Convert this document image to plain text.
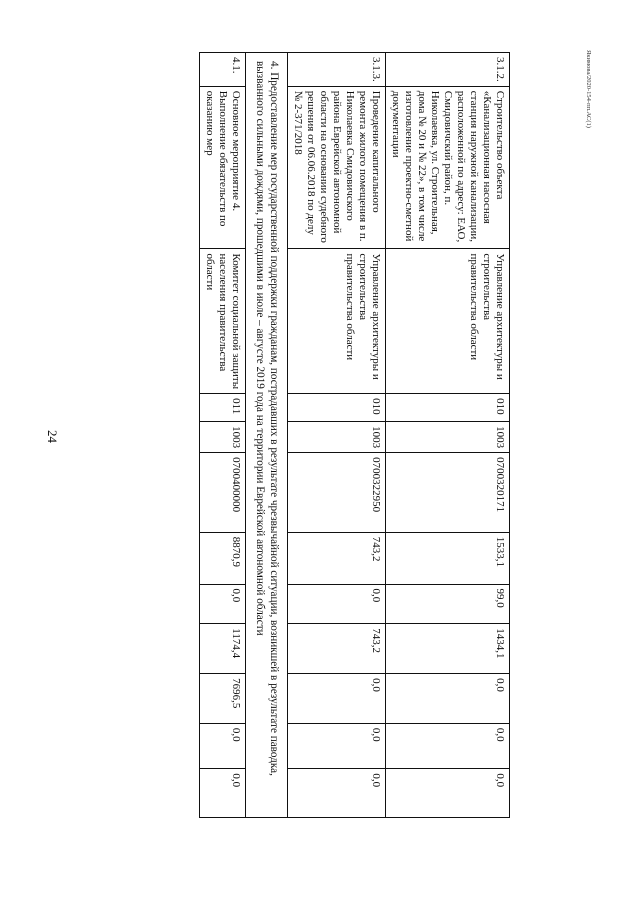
24
Якимова/2020-154-пп.АС(1)
3.1.2.	Строительство объекта «Канализационная насосная станция наружной канализации, расположенной по адресу: ЕАО, Смидовичский район, п. Николаевка, ул. Строительная, дома № 20 и № 22», в том числе изготовление проектно-сметной документации	Управление архитектуры и строительства правительства области	010	1003	0700320171	1533,1	99,0	1434,1	0,0	0,0	0,0
3.1.3.	Проведение капитального ремонта жилого помещения в п. Николаевка Смидовичского района Еврейской автономной области на основании судебного решения от 06.06.2018 по делу № 2-371/2018	Управление архитектуры и строительства правительства области	010	1003	0700322950	743,2	0,0	743,2	0,0	0,0	0,0
4. Предоставление мер государственной поддержки гражданам, пострадавших в результате чрезвычайной ситуации, возникшей в результате паводка, вызванного сильными дождями, прошедшими в июле – августе 2019 года на территории Еврейской автономной области											
4.1.	Основное мероприятие 4. Выполнение обязательств по оказанию мер	Комитет социальной защиты населения правительства области	011	1003	0700400000	8870,9	0,0	1174,4	7696,5	0,0	0,0
